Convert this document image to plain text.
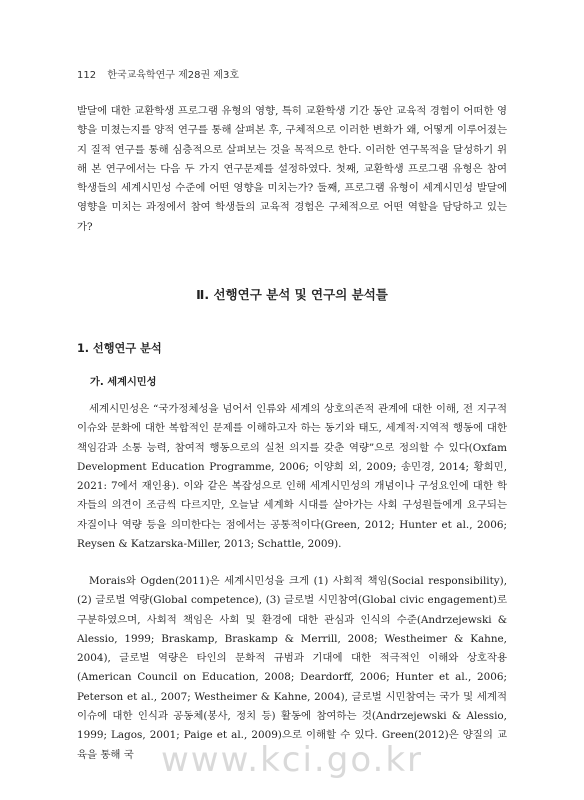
112 한국교육학연구 제28권 제3호

발달에 대한 교환학생 프로그램 유형의 영향, 특히 교환학생 기간 동안 교육적 경험이 어떠한 영향을 미쳤는지를 양적 연구를 통해 살펴본 후, 구체적으로 이러한 변화가 왜, 어떻게 이루어졌는지 질적 연구를 통해 심층적으로 살펴보는 것을 목적으로 한다. 이러한 연구목적을 달성하기 위해 본 연구에서는 다음 두 가지 연구문제를 설정하였다. 첫째, 교환학생 프로그램 유형은 참여 학생들의 세계시민성 수준에 어떤 영향을 미치는가? 둘째, 프로그램 유형이 세계시민성 발달에 영향을 미치는 과정에서 참여 학생들의 교육적 경험은 구체적으로 어떤 역할을 담당하고 있는가?

Ⅱ. 선행연구 분석 및 연구의 분석틀
1. 선행연구 분석
가. 세계시민성

세계시민성은 “국가정체성을 넘어서 인류와 세계의 상호의존적 관계에 대한 이해, 전 지구적 이슈와 문화에 대한 복합적인 문제를 이해하고자 하는 동기와 태도, 세계적·지역적 행동에 대한 책임감과 소통 능력, 참여적 행동으로의 실천 의지를 갖춘 역량”으로 정의할 수 있다(Oxfam Development Education Programme, 2006; 이양희 외, 2009; 송민경, 2014; 황희민, 2021: 7에서 재인용). 이와 같은 복잡성으로 인해 세계시민성의 개념이나 구성요인에 대한 학자들의 의견이 조금씩 다르지만, 오늘날 세계화 시대를 살아가는 사회 구성원들에게 요구되는 자질이나 역량 등을 의미한다는 점에서는 공통적이다(Green, 2012; Hunter et al., 2006; Reysen & Katzarska-Miller, 2013; Schattle, 2009).

Morais와 Ogden(2011)은 세계시민성을 크게 (1) 사회적 책임(Social responsibility), (2) 글로벌 역량(Global competence), (3) 글로벌 시민참여(Global civic engagement)로 구분하였으며, 사회적 책임은 사회 및 환경에 대한 관심과 인식의 수준(Andrzejewski & Alessio, 1999; Braskamp, Braskamp & Merrill, 2008; Westheimer & Kahne, 2004), 글로벌 역량은 타인의 문화적 규범과 기대에 대한 적극적인 이해와 상호작용(American Council on Education, 2008; Deardorff, 2006; Hunter et al., 2006; Peterson et al., 2007; Westheimer & Kahne, 2004), 글로벌 시민참여는 국가 및 세계적 이슈에 대한 인식과 공동체(봉사, 정치 등) 활동에 참여하는 것(Andrzejewski & Alessio, 1999; Lagos, 2001; Paige et al., 2009)으로 이해할 수 있다. Green(2012)은 양질의 교육을 통해 국 www.kci.go.kr
